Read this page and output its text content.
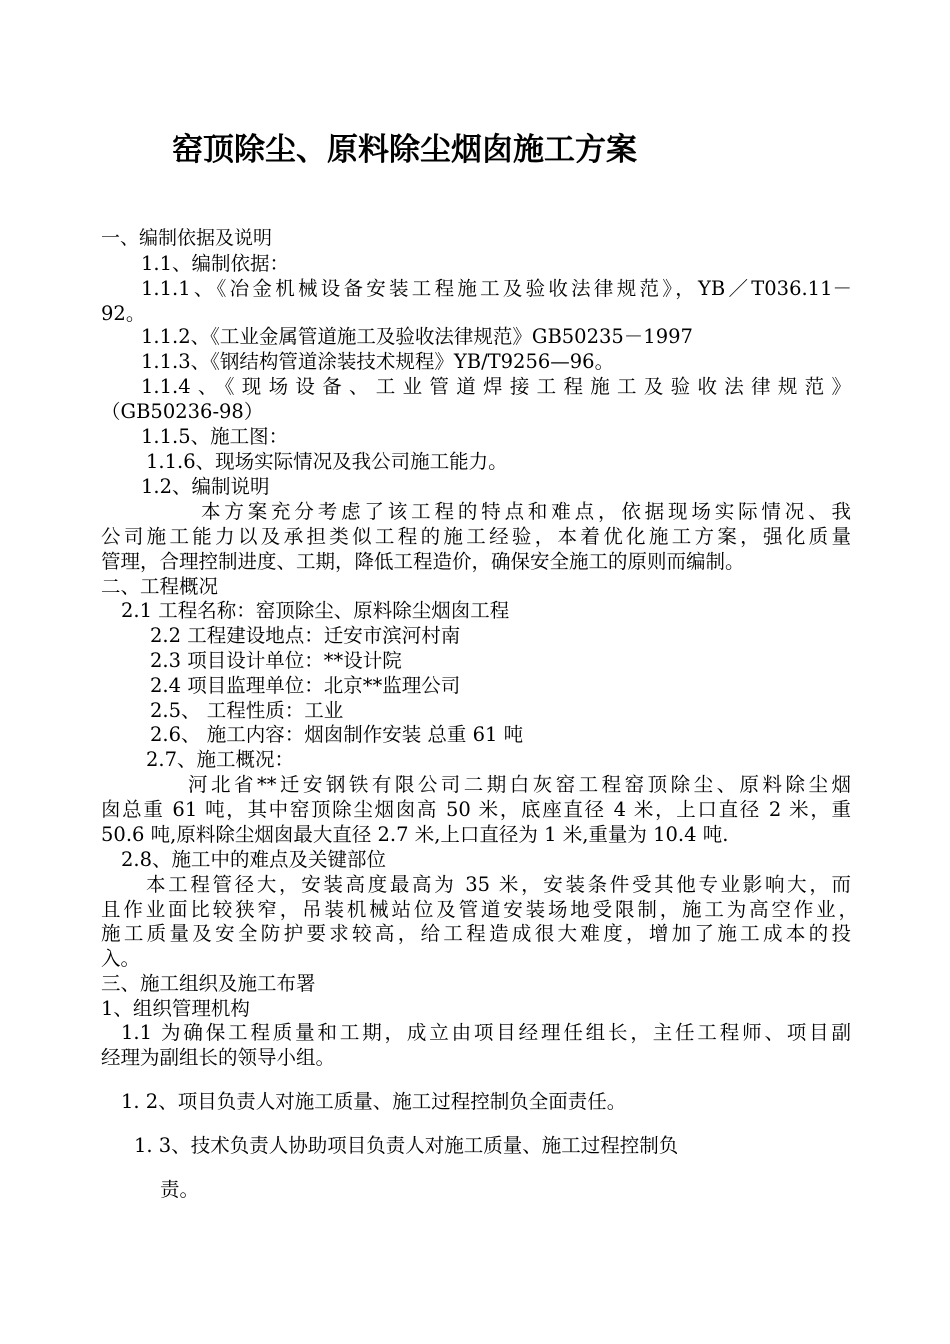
窑顶除尘、原料除尘烟囱施工方案
一、编制依据及说明
1.1、编制依据：
1.1.1、《冶金机械设备安装工程施工及验收法律规范》，YB／T036.11－
92。
1.1.2、《工业金属管道施工及验收法律规范》GB50235－1997
1.1.3、《钢结构管道涂装技术规程》YB/T9256—96。
1.1.4、《现场设备、工业管道焊接工程施工及验收法律规范》
（GB50236-98）
1.1.5、施工图：
1.1.6、现场实际情况及我公司施工能力。
1.2、编制说明
本方案充分考虑了该工程的特点和难点，依据现场实际情况、我
公司施工能力以及承担类似工程的施工经验，本着优化施工方案，强化质量
管理，合理控制进度、工期，降低工程造价，确保安全施工的原则而编制。
二、工程概况
2.1 工程名称：窑顶除尘、原料除尘烟囱工程
2.2 工程建设地点：迁安市滨河村南
2.3 项目设计单位：**设计院
2.4 项目监理单位：北京**监理公司
2.5、 工程性质：工业
2.6、 施工内容：烟囱制作安装 总重 61 吨
2.7、施工概况：
河北省**迁安钢铁有限公司二期白灰窑工程窑顶除尘、原料除尘烟
囱总重 61 吨，其中窑顶除尘烟囱高 50 米，底座直径 4 米，上口直径 2 米，重
50.6 吨,原料除尘烟囱最大直径 2.7 米,上口直径为 1 米,重量为 10.4 吨.
2.8、施工中的难点及关键部位
本工程管径大，安装高度最高为 35 米，安装条件受其他专业影响大，而
且作业面比较狭窄，吊装机械站位及管道安装场地受限制，施工为高空作业，
施工质量及安全防护要求较高，给工程造成很大难度，增加了施工成本的投
入。
三、施工组织及施工布署
1、组织管理机构
1.1 为确保工程质量和工期，成立由项目经理任组长，主任工程师、项目副
经理为副组长的领导小组。
1. 2、项目负责人对施工质量、施工过程控制负全面责任。
1. 3、技术负责人协助项目负责人对施工质量、施工过程控制负
责。
